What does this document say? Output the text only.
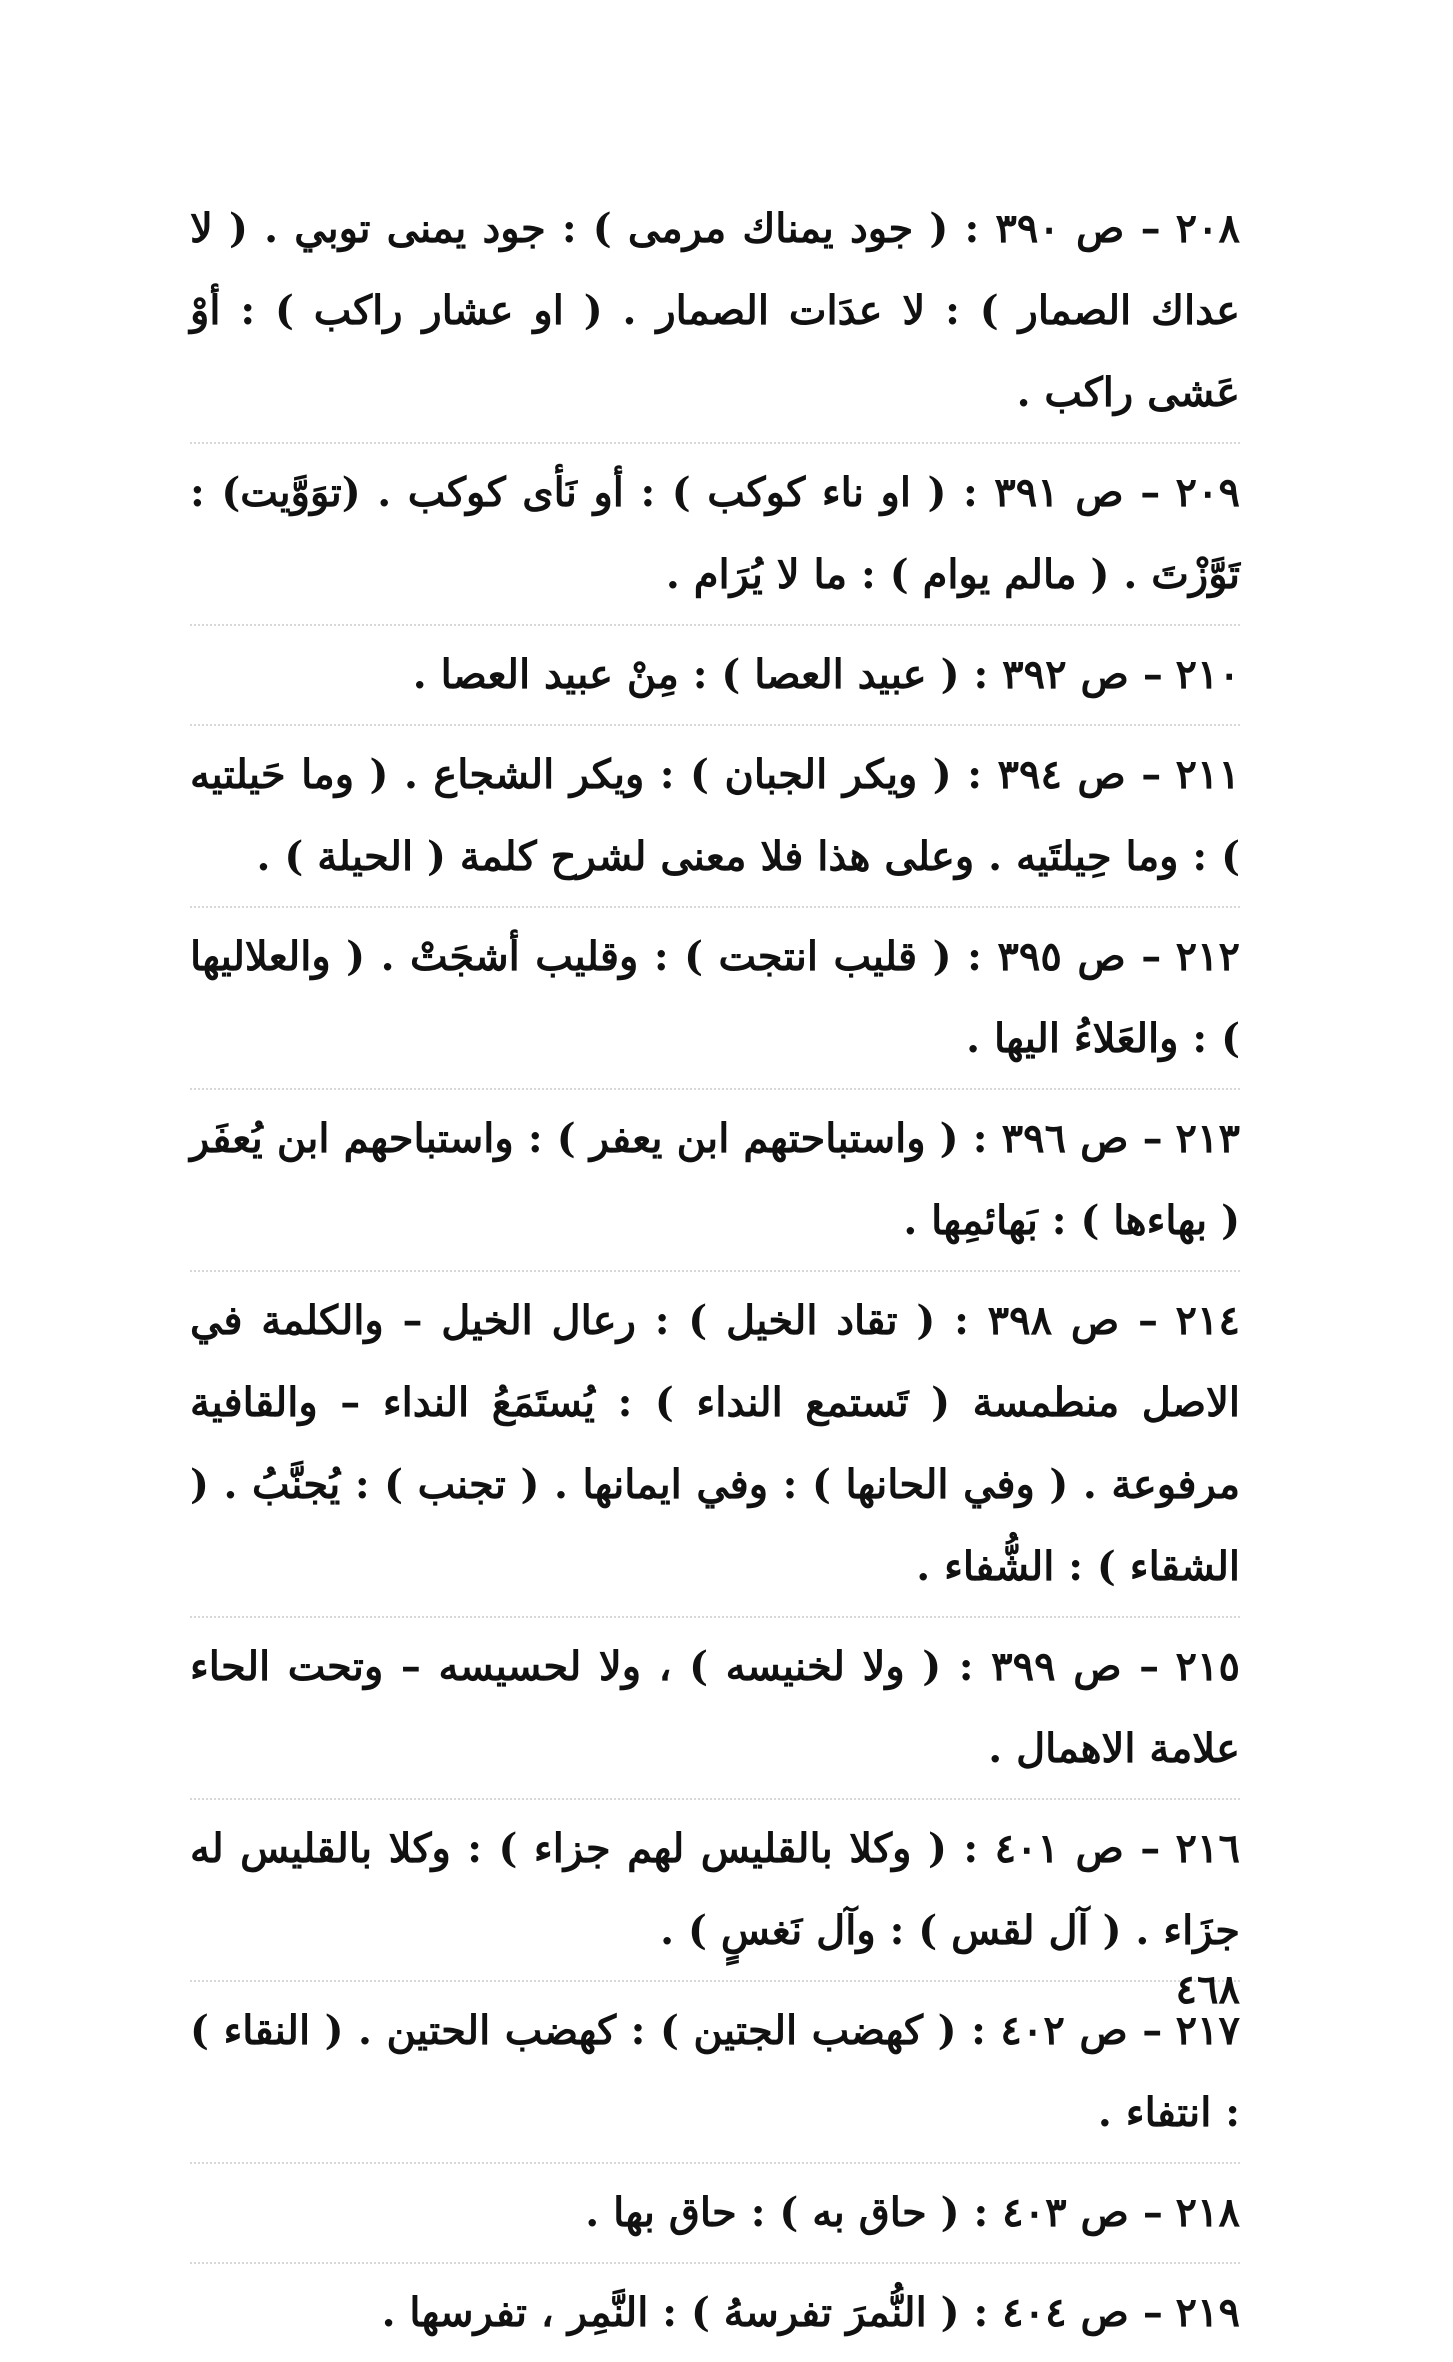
٢٠٨ – ص ٣٩٠ : ( جود يمناك مرمى ) : جود يمنى توبي . ( لا عداك الصمار ) : لا عدَات الصمار . ( او عشار راكب ) : أوْ عَشى راكب .

٢٠٩ – ص ٣٩١ : ( او ناء كوكب ) : أو نَأى كوكب . (توَوَّيت) : تَوَّزْتَ . ( مالم يوام ) : ما لا يُرَام .

٢١٠ – ص ٣٩٢ : ( عبيد العصا ) : مِنْ عبيد العصا .

٢١١ – ص ٣٩٤ : ( ويكر الجبان ) : ويكر الشجاع . ( وما حَيلتيه ) : وما حِيلتَيه . وعلى هذا فلا معنى لشرح كلمة ( الحيلة ) .

٢١٢ – ص ٣٩٥ : ( قليب انتجت ) : وقليب أشجَتْ . ( والعلاليها ) : والعَلاءُ اليها .

٢١٣ – ص ٣٩٦ : ( واستباحتهم ابن يعفر ) : واستباحهم ابن يُعفَر ( بهاءها ) : بَهائمِها .

٢١٤ – ص ٣٩٨ : ( تقاد الخيل ) : رعال الخيل – والكلمة في الاصل منطمسة ( تَستمع النداء ) : يُستَمَعُ النداء – والقافية مرفوعة . ( وفي الحانها ) : وفي ايمانها . ( تجنب ) : يُجنَّبُ . ( الشقاء ) : الشُّفاء .

٢١٥ – ص ٣٩٩ : ( ولا لخنيسه ) ، ولا لحسيسه – وتحت الحاء علامة الاهمال .

٢١٦ – ص ٤٠١ : ( وكلا بالقليس لهم جزاء ) : وكلا بالقليس له جزَاء . ( آل لقس ) : وآل نَغسٍ ) .

٢١٧ – ص ٤٠٢ : ( كهضب الجتين ) : كهضب الحتين . ( النقاء ) : انتفاء .

٢١٨ – ص ٤٠٣ : ( حاق به ) : حاق بها .

٢١٩ – ص ٤٠٤ : ( النُّمرَ تفرسهُ ) : النَّمِر ، تفرسها .

٤٦٨
